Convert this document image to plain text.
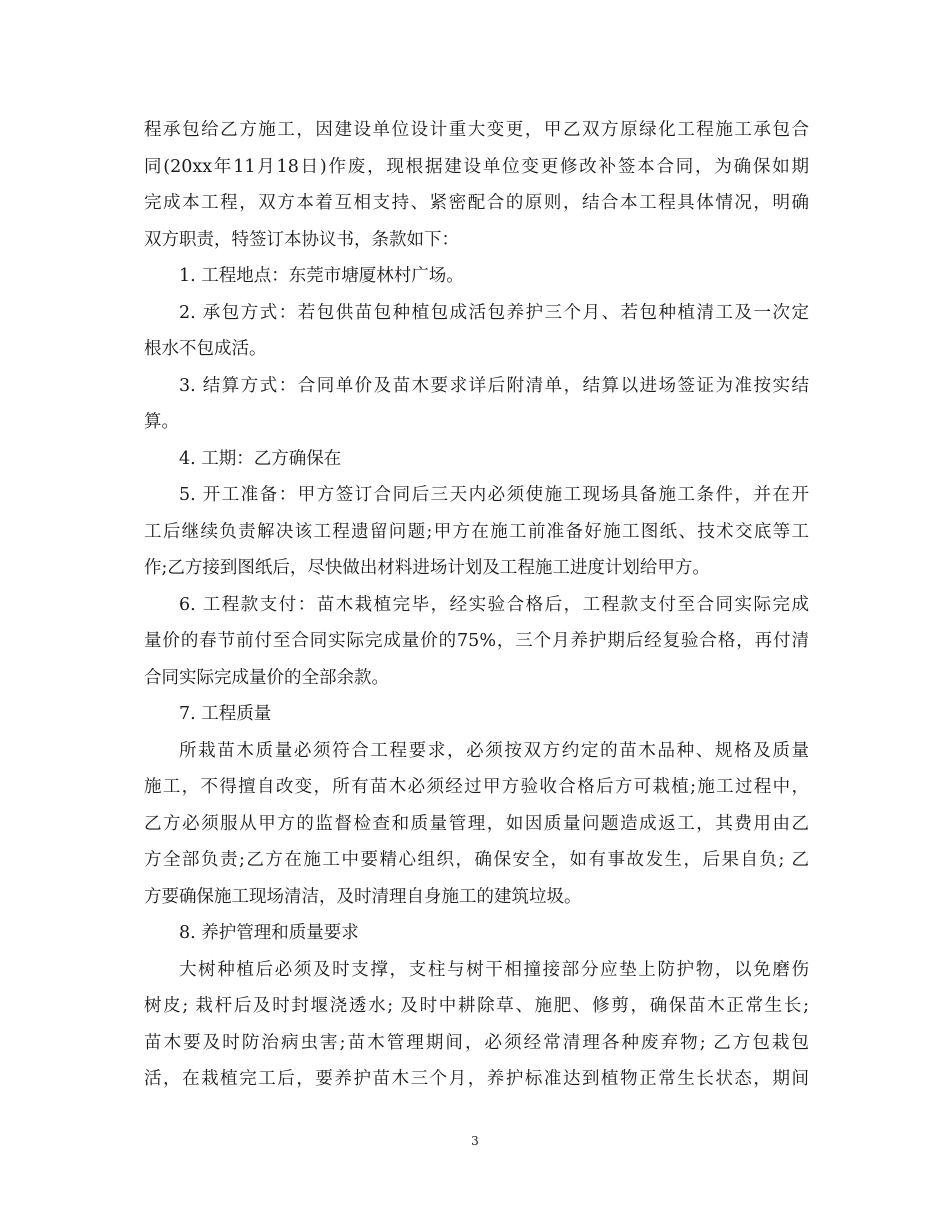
程承包给乙方施工，因建设单位设计重大变更，甲乙双方原绿化工程施工承包合
同(20xx年11月18日)作废，现根据建设单位变更修改补签本合同，为确保如期
完成本工程，双方本着互相支持、紧密配合的原则，结合本工程具体情况，明确
双方职责，特签订本协议书，条款如下：
1. 工程地点：东莞市塘厦林村广场。
2. 承包方式：若包供苗包种植包成活包养护三个月、若包种植清工及一次定
根水不包成活。
3. 结算方式：合同单价及苗木要求详后附清单，结算以进场签证为准按实结
算。
4. 工期：乙方确保在
5. 开工准备：甲方签订合同后三天内必须使施工现场具备施工条件，并在开
工后继续负责解决该工程遗留问题;甲方在施工前准备好施工图纸、技术交底等工
作;乙方接到图纸后，尽快做出材料进场计划及工程施工进度计划给甲方。
6. 工程款支付：苗木栽植完毕，经实验合格后，工程款支付至合同实际完成
量价的春节前付至合同实际完成量价的75%，三个月养护期后经复验合格，再付清
合同实际完成量价的全部余款。
7. 工程质量
所栽苗木质量必须符合工程要求，必须按双方约定的苗木品种、规格及质量
施工，不得擅自改变，所有苗木必须经过甲方验收合格后方可栽植;施工过程中，
乙方必须服从甲方的监督检查和质量管理，如因质量问题造成返工，其费用由乙
方全部负责;乙方在施工中要精心组织，确保安全，如有事故发生，后果自负; 乙
方要确保施工现场清洁，及时清理自身施工的建筑垃圾。
8. 养护管理和质量要求
大树种植后必须及时支撑，支柱与树干相撞接部分应垫上防护物，以免磨伤
树皮; 栽杆后及时封堰浇透水; 及时中耕除草、施肥、修剪，确保苗木正常生长;
苗木要及时防治病虫害;苗木管理期间，必须经常清理各种废弃物; 乙方包栽包
活，在栽植完工后，要养护苗木三个月，养护标准达到植物正常生长状态，期间
3
